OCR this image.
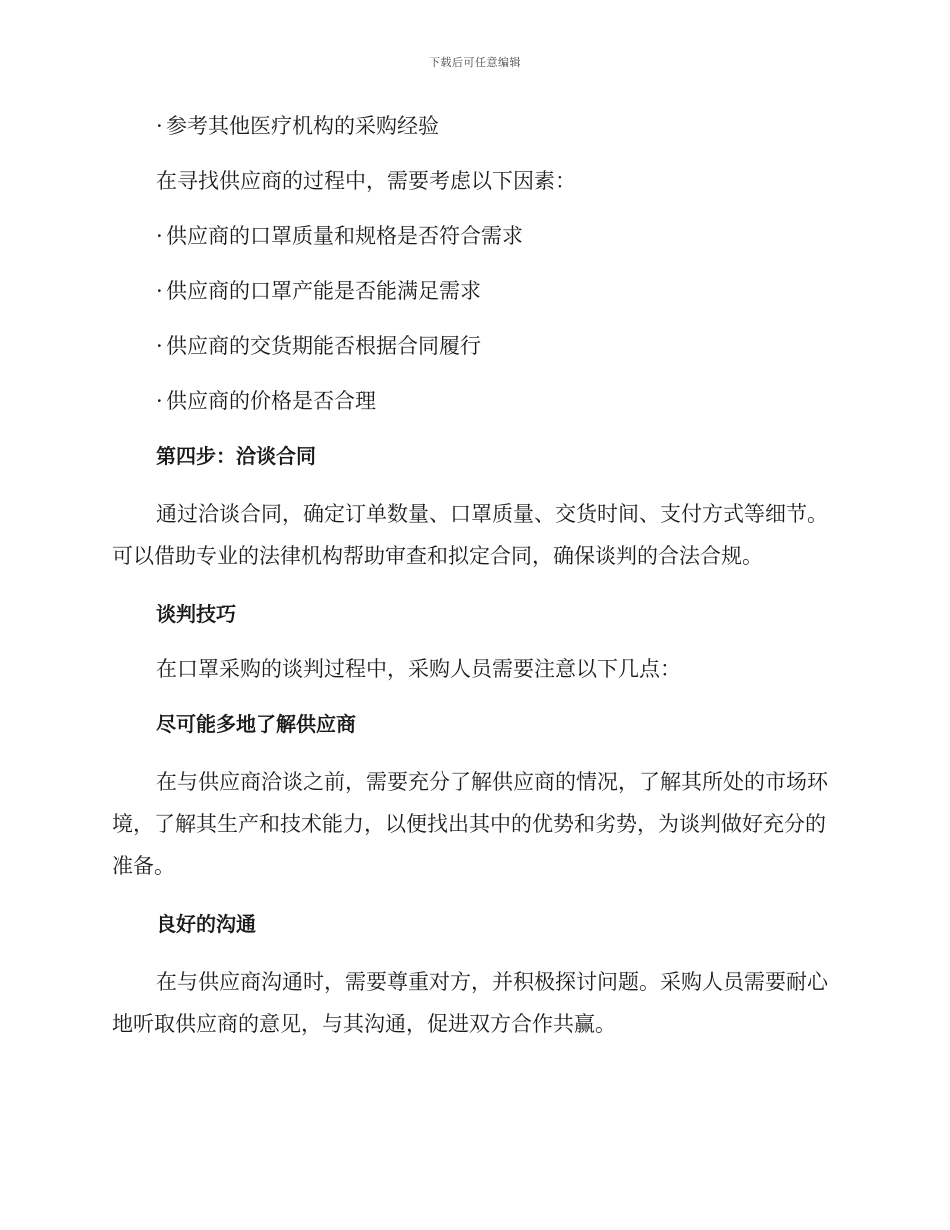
下载后可任意编辑

· 参考其他医疗机构的采购经验

在寻找供应商的过程中，需要考虑以下因素：

· 供应商的口罩质量和规格是否符合需求

· 供应商的口罩产能是否能满足需求

· 供应商的交货期能否根据合同履行

· 供应商的价格是否合理

第四步：洽谈合同

通过洽谈合同，确定订单数量、口罩质量、交货时间、支付方式等细节。可以借助专业的法律机构帮助审查和拟定合同，确保谈判的合法合规。

谈判技巧

在口罩采购的谈判过程中，采购人员需要注意以下几点：

尽可能多地了解供应商

在与供应商洽谈之前，需要充分了解供应商的情况，了解其所处的市场环境，了解其生产和技术能力，以便找出其中的优势和劣势，为谈判做好充分的准备。

良好的沟通

在与供应商沟通时，需要尊重对方，并积极探讨问题。采购人员需要耐心地听取供应商的意见，与其沟通，促进双方合作共赢。
